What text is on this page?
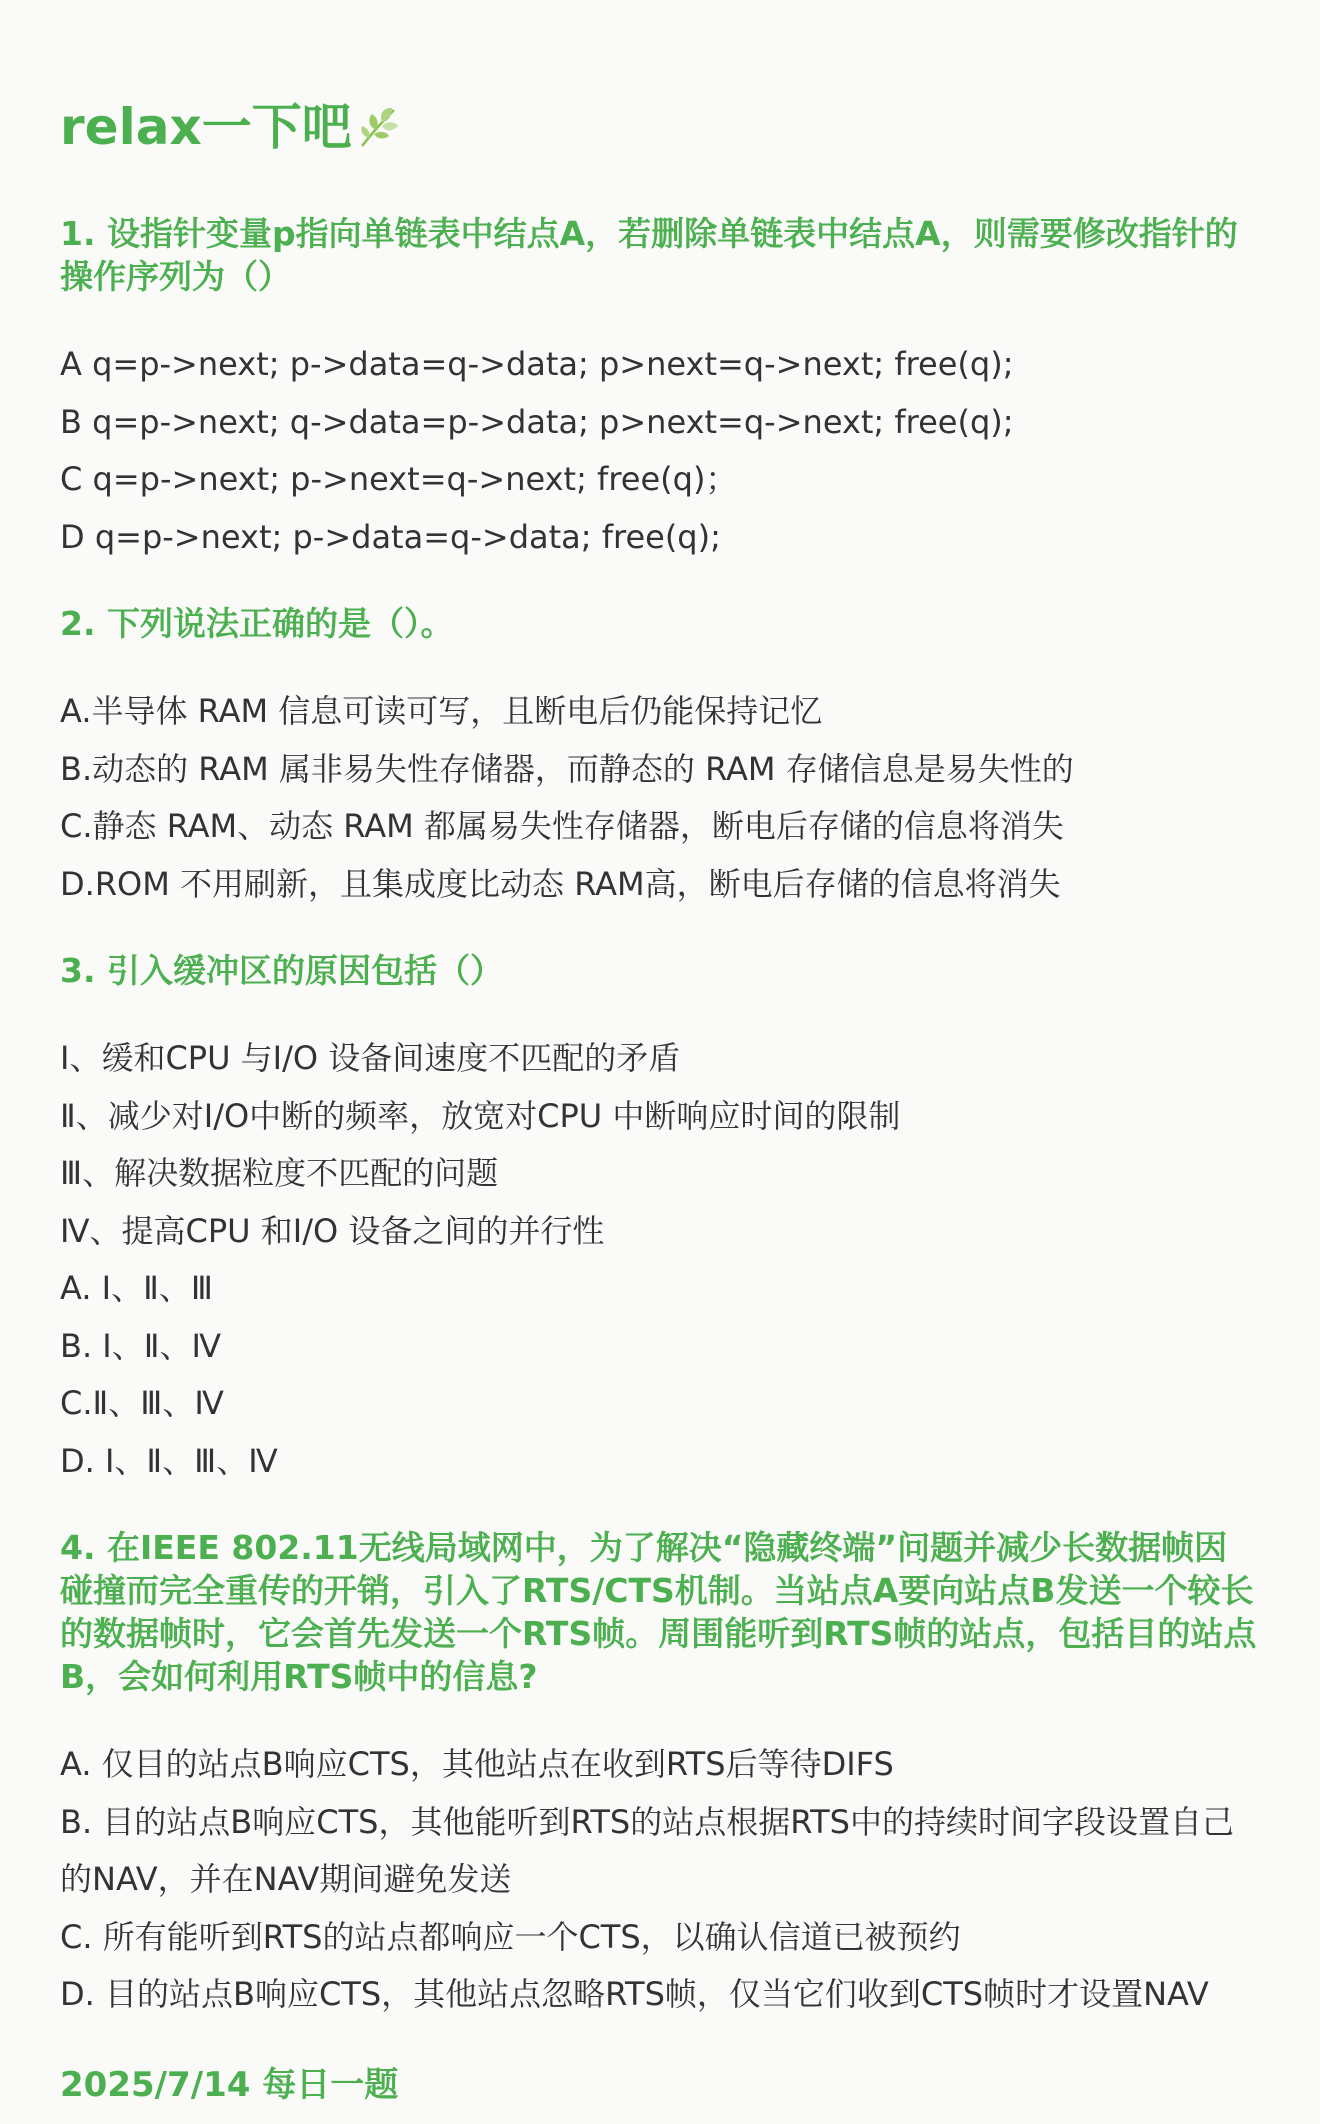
relax一下吧
1. 设指针变量p指向单链表中结点A，若删除单链表中结点A，则需要修改指针的操作序列为（）
A q=p->next; p->data=q->data; p>next=q->next; free(q);
B q=p->next; q->data=p->data; p>next=q->next; free(q);
C q=p->next; p->next=q->next; free(q)；
D q=p->next; p->data=q->data; free(q);
2. 下列说法正确的是（）。
A.半导体 RAM 信息可读可写，且断电后仍能保持记忆
B.动态的 RAM 属非易失性存储器，而静态的 RAM 存储信息是易失性的
C.静态 RAM、动态 RAM 都属易失性存储器，断电后存储的信息将消失
D.ROM 不用刷新，且集成度比动态 RAM高，断电后存储的信息将消失
3. 引入缓冲区的原因包括（）
Ⅰ、缓和CPU 与I/O 设备间速度不匹配的矛盾
Ⅱ、减少对I/O中断的频率，放宽对CPU 中断响应时间的限制
Ⅲ、解决数据粒度不匹配的问题
Ⅳ、提高CPU 和I/O 设备之间的并行性
A. Ⅰ、Ⅱ、Ⅲ
B. Ⅰ、Ⅱ、Ⅳ
C.Ⅱ、Ⅲ、Ⅳ
D. Ⅰ、Ⅱ、Ⅲ、Ⅳ
4. 在IEEE 802.11无线局域网中，为了解决“隐藏终端”问题并减少长数据帧因碰撞而完全重传的开销，引入了RTS/CTS机制。当站点A要向站点B发送一个较长的数据帧时，它会首先发送一个RTS帧。周围能听到RTS帧的站点，包括目的站点B，会如何利用RTS帧中的信息?
A. 仅目的站点B响应CTS，其他站点在收到RTS后等待DIFS
B. 目的站点B响应CTS，其他能听到RTS的站点根据RTS中的持续时间字段设置自己的NAV，并在NAV期间避免发送
C. 所有能听到RTS的站点都响应一个CTS，以确认信道已被预约
D. 目的站点B响应CTS，其他站点忽略RTS帧，仅当它们收到CTS帧时才设置NAV
2025/7/14 每日一题
